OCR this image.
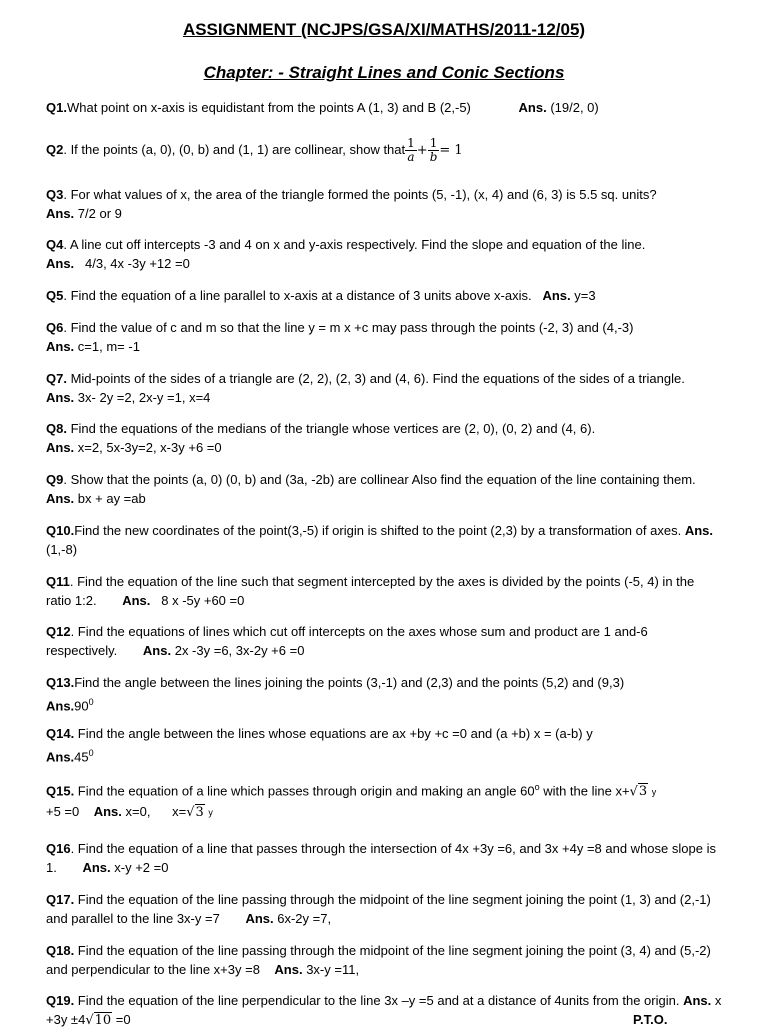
ASSIGNMENT (NCJPS/GSA/XI/MATHS/2011-12/05)
Chapter: - Straight Lines and Conic Sections
Q1.What point on x-axis is equidistant from the points A (1, 3) and B (2,-5)	Ans. (19/2, 0)
Q2. If the points (a, 0), (0, b) and (1, 1) are collinear, show that $\frac{1}{a} + \frac{1}{b} = 1$
Q3. For what values of x, the area of the triangle formed the points (5, -1), (x, 4) and (6, 3) is 5.5 sq. units?
Ans. 7/2 or 9
Q4. A line cut off intercepts -3 and 4 on x and y-axis respectively. Find the slope and equation of the line.
Ans. 4/3, 4x -3y +12 =0
Q5. Find the equation of a line parallel to x-axis at a distance of 3 units above x-axis. Ans. y=3
Q6. Find the value of c and m so that the line y = m x +c may pass through the points (-2, 3) and (4,-3)
Ans. c=1, m= -1
Q7. Mid-points of the sides of a triangle are (2, 2), (2, 3) and (4, 6). Find the equations of the sides of a triangle. Ans. 3x- 2y =2, 2x-y =1, x=4
Q8. Find the equations of the medians of the triangle whose vertices are (2, 0), (0, 2) and (4, 6).
Ans. x=2, 5x-3y=2, x-3y +6 =0
Q9. Show that the points (a, 0) (0, b) and (3a, -2b) are collinear Also find the equation of the line containing them. Ans. bx + ay =ab
Q10.Find the new coordinates of the point(3,-5) if origin is shifted to the point (2,3) by a transformation of axes. Ans. (1,-8)
Q11. Find the equation of the line such that segment intercepted by the axes is divided by the points (-5, 4) in the ratio 1:2. Ans. 8 x -5y +60 =0
Q12. Find the equations of lines which cut off intercepts on the axes whose sum and product are 1 and-6 respectively. Ans. 2x -3y =6, 3x-2y +6 =0
Q13.Find the angle between the lines joining the points (3,-1) and (2,3) and the points (5,2) and (9,3)
$Ans.90^0$
Q14. Find the angle between the lines whose equations are ax +by +c =0 and (a +b) x = (a-b) y
$Ans.45^0$
Q15. Find the equation of a line which passes through origin and making an angle 60$^o$ with the line x+√3 y
+5 =0 Ans. x=0, x=√3 y
Q16. Find the equation of a line that passes through the intersection of 4x +3y =6, and 3x +4y =8 and whose slope is 1. Ans. x-y +2 =0
Q17. Find the equation of the line passing through the midpoint of the line segment joining the point (1, 3) and (2,-1) and parallel to the line 3x-y =7 Ans. 6x-2y =7,
Q18. Find the equation of the line passing through the midpoint of the line segment joining the point (3, 4) and (5,-2) and perpendicular to the line x+3y =8 Ans. 3x-y =11,
Q19. Find the equation of the line perpendicular to the line 3x –y =5 and at a distance of 4units from the origin. Ans. x +3y ±4√10 =0	P.T.O.
